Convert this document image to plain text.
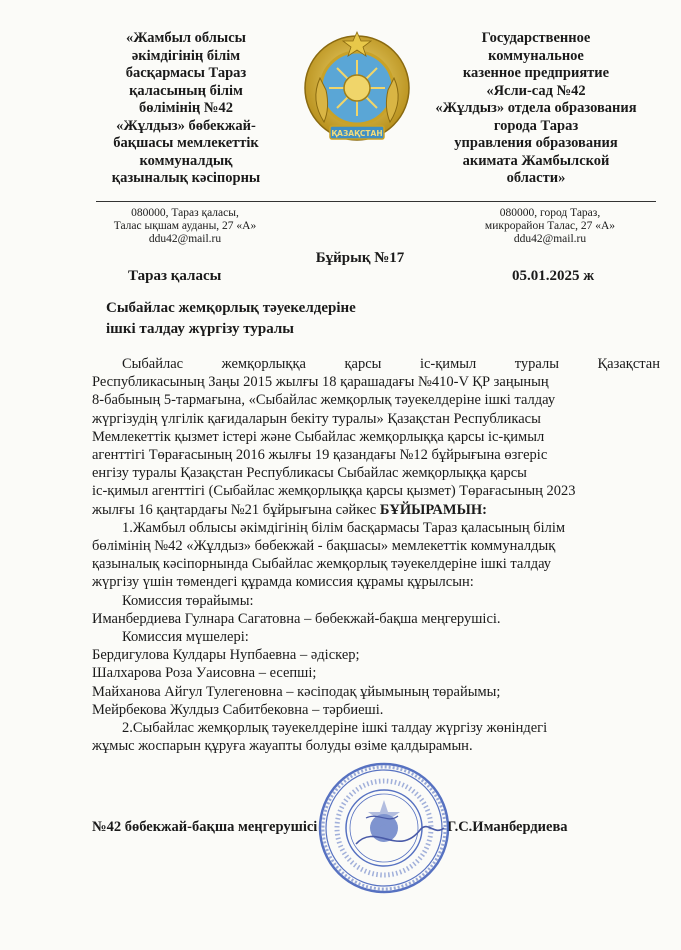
«Жамбыл облысы
әкімдігінің білім
басқармасы Тараз
қаласының білім
бөлімінің №42
«Жұлдыз» бөбекжай-
бақшасы мемлекеттік
коммуналдық
қазыналық кәсіпорны
ҚАЗАҚСТАН
Государственное
коммунальное
казенное предприятие
«Ясли-сад №42
«Жұлдыз» отдела образования
города Тараз
управления образования
акимата Жамбылской
области»
080000, Тараз қаласы,
Талас ықшам ауданы, 27 «А»
ddu42@mail.ru
080000, город Тараз,
микрорайон Талас, 27 «А»
ddu42@mail.ru
Бұйрық №17
Тараз қаласы	05.01.2025 ж
Сыбайлас жемқорлық тәуекелдеріне
ішкі талдау жүргізу туралы
Сыбайлас	жемқорлыққа	қарсы	іс-қимыл	туралы	Қазақстан
Республикасының Заңы 2015 жылғы 18 қарашадағы №410-V ҚР заңының
8-бабының 5-тармағына, «Сыбайлас жемқорлық тәуекелдеріне ішкі талдау
жүргізудің үлгілік қағидаларын бекіту туралы» Қазақстан Республикасы
Мемлекеттік қызмет істері және Сыбайлас жемқорлыққа қарсы іс-қимыл
агенттігі Төрағасының 2016 жылғы 19 қазандағы №12 бұйрығына өзгеріс
енгізу туралы Қазақстан Республикасы Сыбайлас жемқорлыққа қарсы
іс-қимыл агенттігі (Сыбайлас жемқорлыққа қарсы қызмет) Төрағасының 2023
жылғы 16 қаңтардағы №21 бұйрығына сәйкес БҰЙЫРАМЫН:
1.Жамбыл облысы әкімдігінің білім басқармасы Тараз қаласының білім
бөлімінің №42 «Жұлдыз» бөбекжай - бақшасы» мемлекеттік коммуналдық
қазыналық кәсіпорнында Сыбайлас жемқорлық тәуекелдеріне ішкі талдау
жүргізу үшін төмендегі құрамда комиссия құрамы құрылсын:
Комиссия төрайымы:
Иманбердиева Гулнара Сагатовна – бөбекжай-бақша меңгерушісі.
Комиссия мүшелері:
Бердигулова Кулдары Нупбаевна – әдіскер;
Шалхарова Роза Уаисовна – есепші;
Майханова Айгул Тулегеновна – кәсіподақ ұйымының төрайымы;
Мейрбекова Жулдыз Сабитбековна – тәрбиеші.
2.Сыбайлас жемқорлық тәуекелдеріне ішкі талдау жүргізу жөніндегі
жұмыс жоспарын құруға жауапты болуды өзіме қалдырамын.
№42 бөбекжай-бақша меңгерушісі	Г.С.Иманбердиева
